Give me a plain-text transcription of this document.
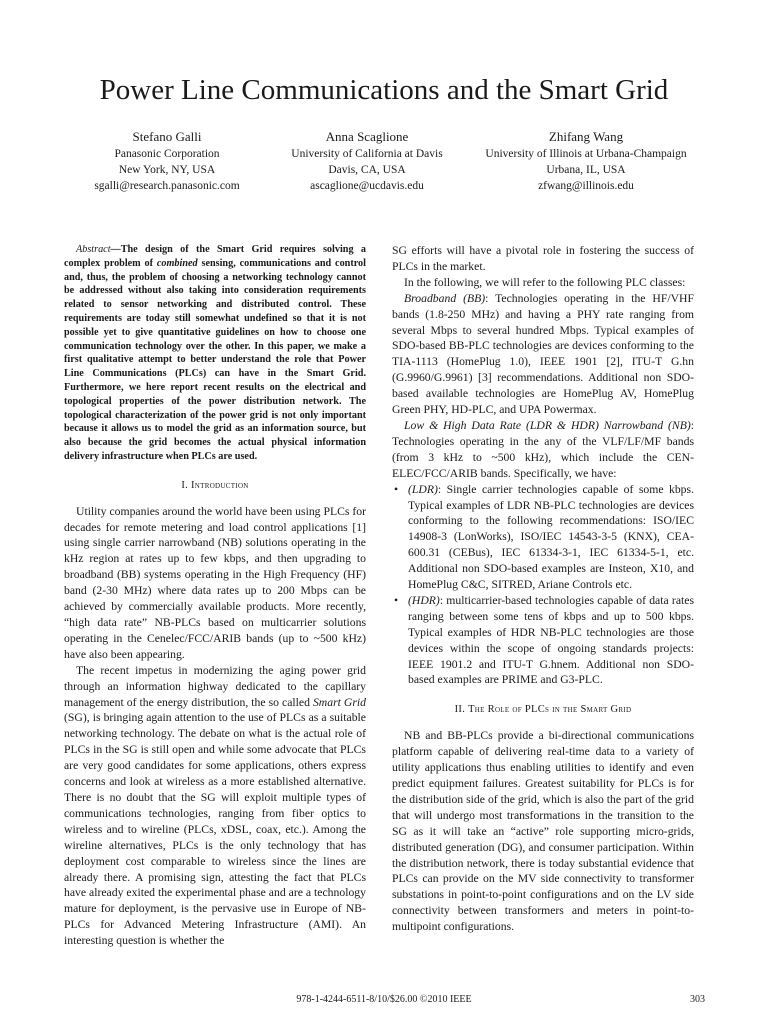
Power Line Communications and the Smart Grid
Stefano Galli
Panasonic Corporation
New York, NY, USA
sgalli@research.panasonic.com
Anna Scaglione
University of California at Davis
Davis, CA, USA
ascaglione@ucdavis.edu
Zhifang Wang
University of Illinois at Urbana-Champaign
Urbana, IL, USA
zfwang@illinois.edu

Abstract—The design of the Smart Grid requires solving a complex problem of combined sensing, communications and control and, thus, the problem of choosing a networking technology cannot be addressed without also taking into consideration requirements related to sensor networking and distributed control. These requirements are today still somewhat undefined so that it is not possible yet to give quantitative guidelines on how to choose one communication technology over the other. In this paper, we make a first qualitative attempt to better understand the role that Power Line Communications (PLCs) can have in the Smart Grid. Furthermore, we here report recent results on the electrical and topological properties of the power distribution network. The topological characterization of the power grid is not only important because it allows us to model the grid as an information source, but also because the grid becomes the actual physical information delivery infrastructure when PLCs are used.

I. Introduction

Utility companies around the world have been using PLCs for decades for remote metering and load control applications [1] using single carrier narrowband (NB) solutions operating in the kHz region at rates up to few kbps, and then upgrading to broadband (BB) systems operating in the High Frequency (HF) band (2-30 MHz) where data rates up to 200 Mbps can be achieved by commercially available products. More recently, “high data rate” NB-PLCs based on multicarrier solutions operating in the Cenelec/FCC/ARIB bands (up to ~500 kHz) have also been appearing.

The recent impetus in modernizing the aging power grid through an information highway dedicated to the capillary management of the energy distribution, the so called Smart Grid (SG), is bringing again attention to the use of PLCs as a suitable networking technology. The debate on what is the actual role of PLCs in the SG is still open and while some advocate that PLCs are very good candidates for some applications, others express concerns and look at wireless as a more established alternative. There is no doubt that the SG will exploit multiple types of communications technologies, ranging from fiber optics to wireless and to wireline (PLCs, xDSL, coax, etc.). Among the wireline alternatives, PLCs is the only technology that has deployment cost comparable to wireless since the lines are already there. A promising sign, attesting the fact that PLCs have already exited the experimental phase and are a technology mature for deployment, is the pervasive use in Europe of NB-PLCs for Advanced Metering Infrastructure (AMI). An interesting question is whether the

SG efforts will have a pivotal role in fostering the success of PLCs in the market.

In the following, we will refer to the following PLC classes:

Broadband (BB): Technologies operating in the HF/VHF bands (1.8-250 MHz) and having a PHY rate ranging from several Mbps to several hundred Mbps. Typical examples of SDO-based BB-PLC technologies are devices conforming to the TIA-1113 (HomePlug 1.0), IEEE 1901 [2], ITU-T G.hn (G.9960/G.9961) [3] recommendations. Additional non SDO-based available technologies are HomePlug AV, HomePlug Green PHY, HD-PLC, and UPA Powermax.

Low & High Data Rate (LDR & HDR) Narrowband (NB): Technologies operating in the any of the VLF/LF/MF bands (from 3 kHz to ~500 kHz), which include the CEN-ELEC/FCC/ARIB bands. Specifically, we have:

• (LDR): Single carrier technologies capable of some kbps. Typical examples of LDR NB-PLC technologies are devices conforming to the following recommendations: ISO/IEC 14908-3 (LonWorks), ISO/IEC 14543-3-5 (KNX), CEA-600.31 (CEBus), IEC 61334-3-1, IEC 61334-5-1, etc. Additional non SDO-based examples are Insteon, X10, and HomePlug C&C, SITRED, Ariane Controls etc.
• (HDR): multicarrier-based technologies capable of data rates ranging between some tens of kbps and up to 500 kbps. Typical examples of HDR NB-PLC technologies are those devices within the scope of ongoing standards projects: IEEE 1901.2 and ITU-T G.hnem. Additional non SDO-based examples are PRIME and G3-PLC.
II. The Role of PLCs in the Smart Grid

NB and BB-PLCs provide a bi-directional communications platform capable of delivering real-time data to a variety of utility applications thus enabling utilities to identify and even predict equipment failures. Greatest suitability for PLCs is for the distribution side of the grid, which is also the part of the grid that will undergo most transformations in the transition to the SG as it will take an “active” role supporting micro-grids, distributed generation (DG), and consumer participation. Within the distribution network, there is today substantial evidence that PLCs can provide on the MV side connectivity to transformer substations in point-to-point configurations and on the LV side connectivity between transformers and meters in point-to-multipoint configurations.

978-1-4244-6511-8/10/$26.00 ©2010 IEEE	303
